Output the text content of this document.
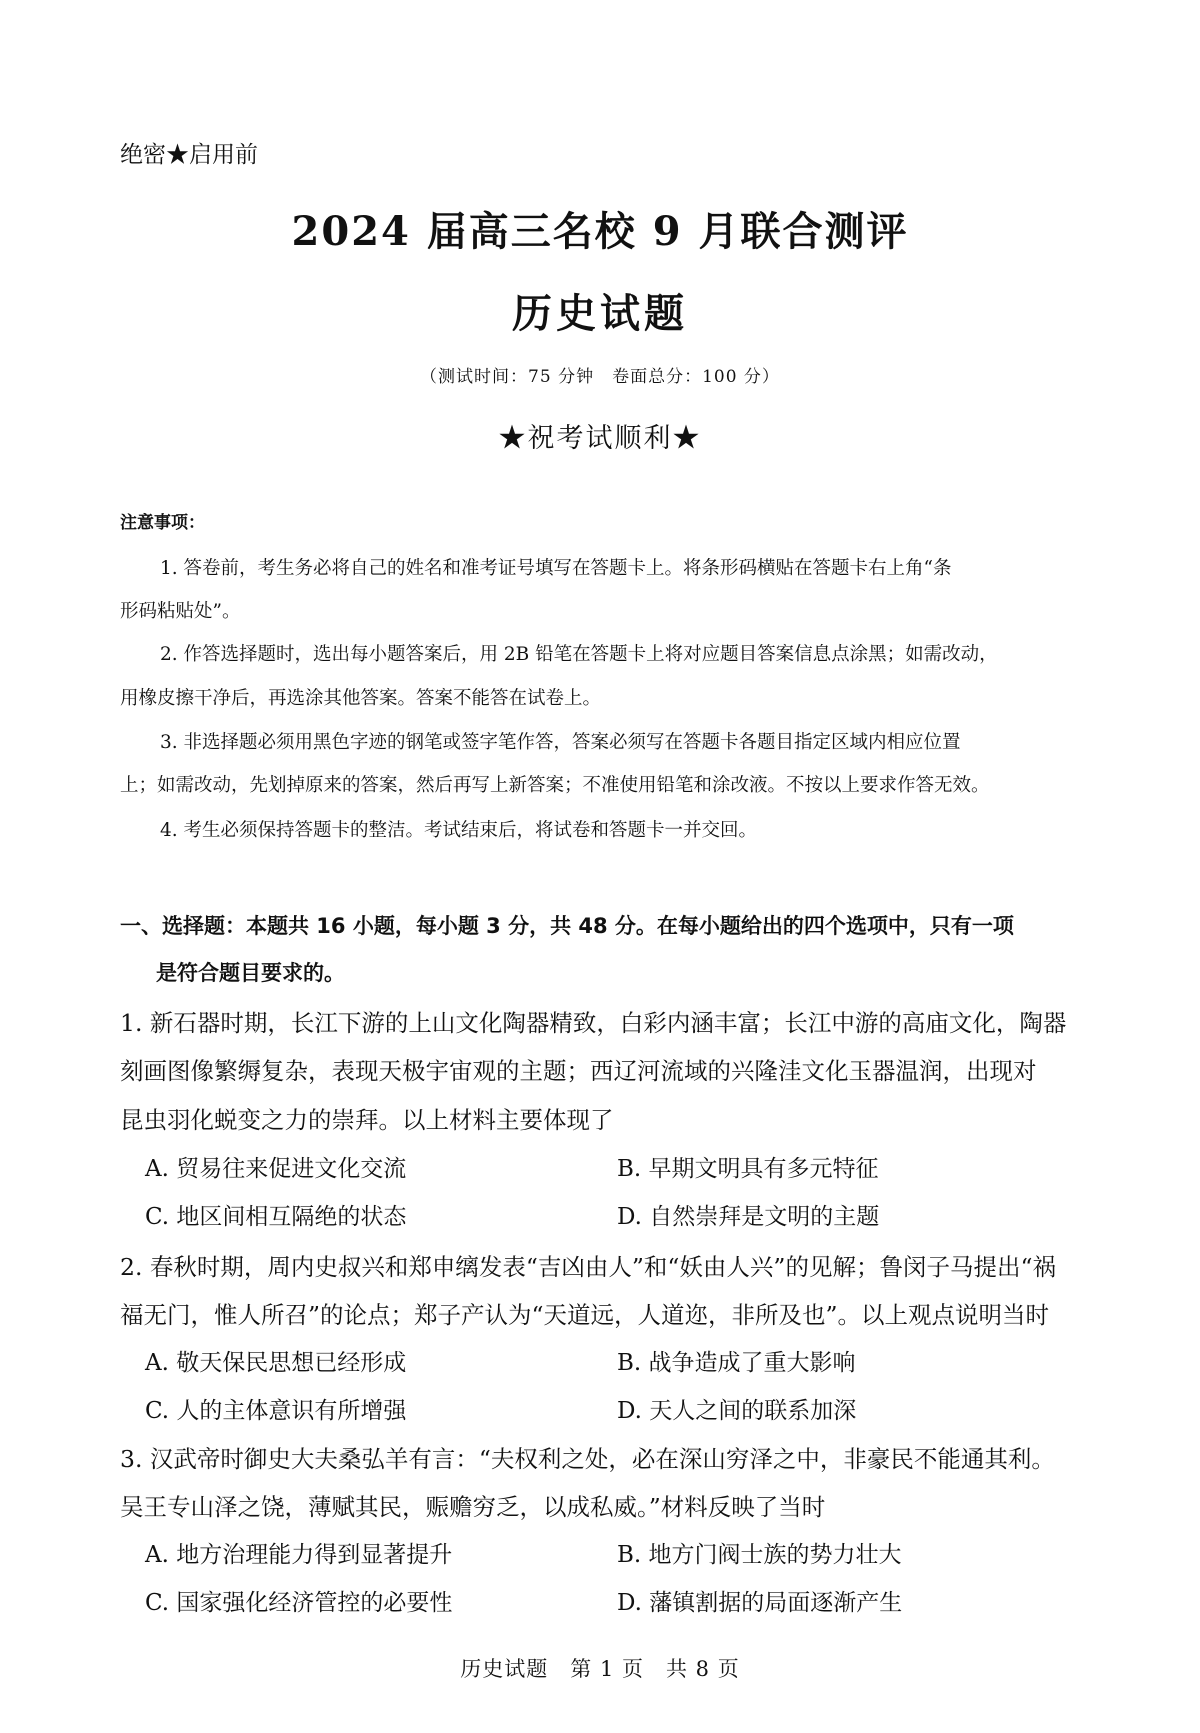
绝密★启用前
2024 届高三名校 9 月联合测评
历史试题
（测试时间：75 分钟　卷面总分：100 分）
★祝考试顺利★
注意事项：
1. 答卷前，考生务必将自己的姓名和准考证号填写在答题卡上。将条形码横贴在答题卡右上角“条
形码粘贴处”。
2. 作答选择题时，选出每小题答案后，用 2B 铅笔在答题卡上将对应题目答案信息点涂黑；如需改动，
用橡皮擦干净后，再选涂其他答案。答案不能答在试卷上。
3. 非选择题必须用黑色字迹的钢笔或签字笔作答，答案必须写在答题卡各题目指定区域内相应位置
上；如需改动，先划掉原来的答案，然后再写上新答案；不准使用铅笔和涂改液。不按以上要求作答无效。
4. 考生必须保持答题卡的整洁。考试结束后，将试卷和答题卡一并交回。
一、选择题：本题共 16 小题，每小题 3 分，共 48 分。在每小题给出的四个选项中，只有一项
是符合题目要求的。
1. 新石器时期，长江下游的上山文化陶器精致，白彩内涵丰富；长江中游的高庙文化，陶器
刻画图像繁缛复杂，表现天极宇宙观的主题；西辽河流域的兴隆洼文化玉器温润，出现对
昆虫羽化蜕变之力的崇拜。以上材料主要体现了
A. 贸易往来促进文化交流	B. 早期文明具有多元特征
C. 地区间相互隔绝的状态	D. 自然崇拜是文明的主题
2. 春秋时期，周内史叔兴和郑申缡发表“吉凶由人”和“妖由人兴”的见解；鲁闵子马提出“祸
福无门，惟人所召”的论点；郑子产认为“天道远，人道迩，非所及也”。以上观点说明当时
A. 敬天保民思想已经形成	B. 战争造成了重大影响
C. 人的主体意识有所增强	D. 天人之间的联系加深
3. 汉武帝时御史大夫桑弘羊有言：“夫权利之处，必在深山穷泽之中，非豪民不能通其利。
吴王专山泽之饶，薄赋其民，赈赡穷乏，以成私威。”材料反映了当时
A. 地方治理能力得到显著提升	B. 地方门阀士族的势力壮大
C. 国家强化经济管控的必要性	D. 藩镇割据的局面逐渐产生
历史试题　第 1 页　共 8 页
